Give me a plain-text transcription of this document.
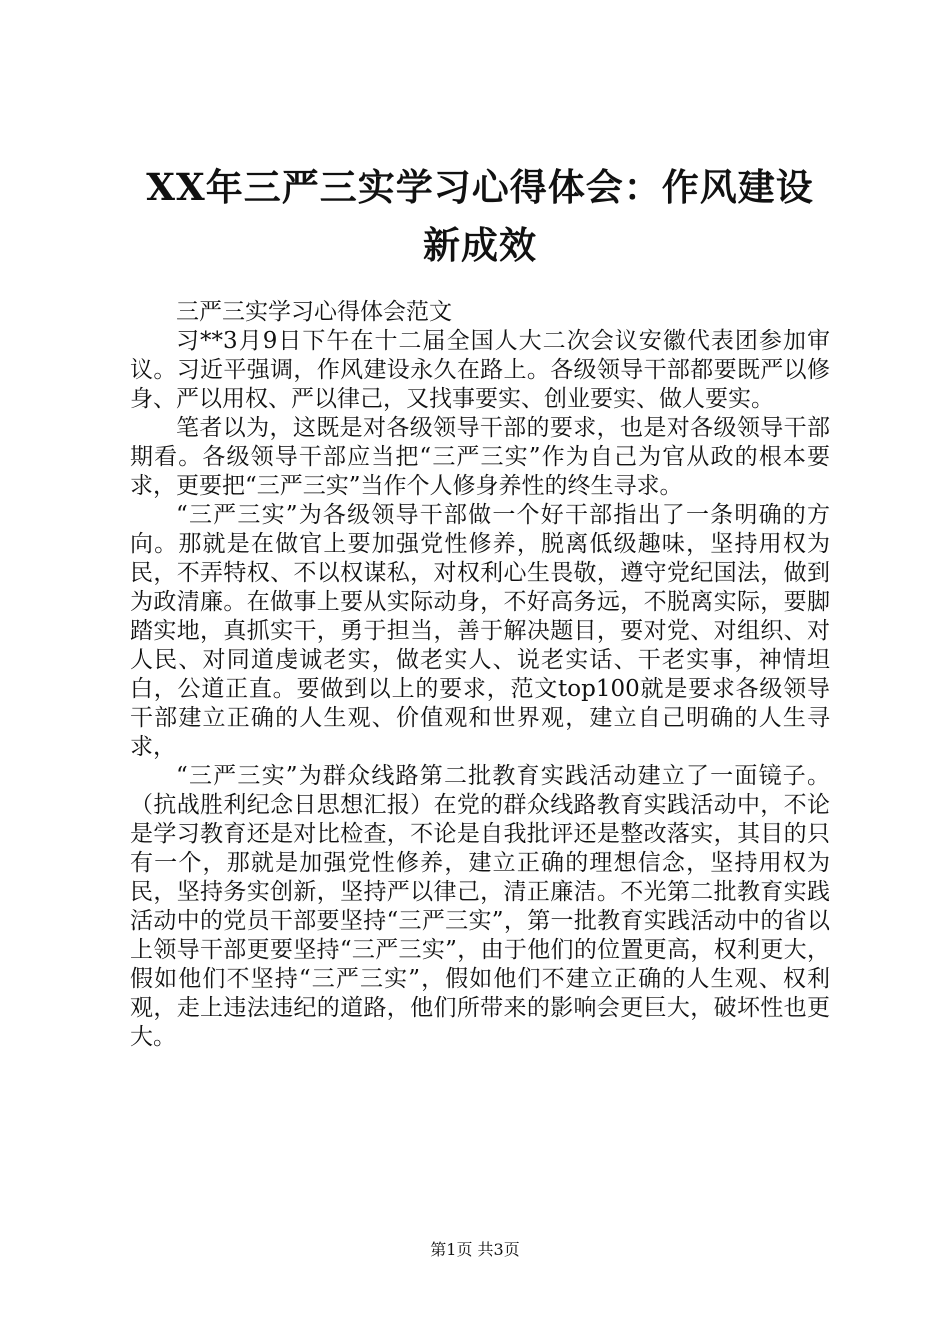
XX年三严三实学习心得体会：作风建设新成效

三严三实学习心得体会范文

习**3月9日下午在十二届全国人大二次会议安徽代表团参加审议。习近平强调，作风建设永久在路上。各级领导干部都要既严以修身、严以用权、严以律己，又找事要实、创业要实、做人要实。

笔者以为，这既是对各级领导干部的要求，也是对各级领导干部期看。各级领导干部应当把“三严三实”作为自己为官从政的根本要求，更要把“三严三实”当作个人修身养性的终生寻求。

“三严三实”为各级领导干部做一个好干部指出了一条明确的方向。那就是在做官上要加强党性修养，脱离低级趣味，坚持用权为民，不弄特权、不以权谋私，对权利心生畏敬，遵守党纪国法，做到为政清廉。在做事上要从实际动身，不好高务远，不脱离实际，要脚踏实地，真抓实干，勇于担当，善于解决题目，要对党、对组织、对人民、对同道虔诚老实，做老实人、说老实话、干老实事，神情坦白，公道正直。要做到以上的要求，范文top100就是要求各级领导干部建立正确的人生观、价值观和世界观，建立自己明确的人生寻求，

“三严三实”为群众线路第二批教育实践活动建立了一面镜子。（抗战胜利纪念日思想汇报）在党的群众线路教育实践活动中，不论是学习教育还是对比检查，不论是自我批评还是整改落实，其目的只有一个，那就是加强党性修养，建立正确的理想信念，坚持用权为民，坚持务实创新，坚持严以律己，清正廉洁。不光第二批教育实践活动中的党员干部要坚持“三严三实”，第一批教育实践活动中的省以上领导干部更要坚持“三严三实”，由于他们的位置更高，权利更大，假如他们不坚持“三严三实”，假如他们不建立正确的人生观、权利观，走上违法违纪的道路，他们所带来的影响会更巨大，破坏性也更大。

第1页 共3页
